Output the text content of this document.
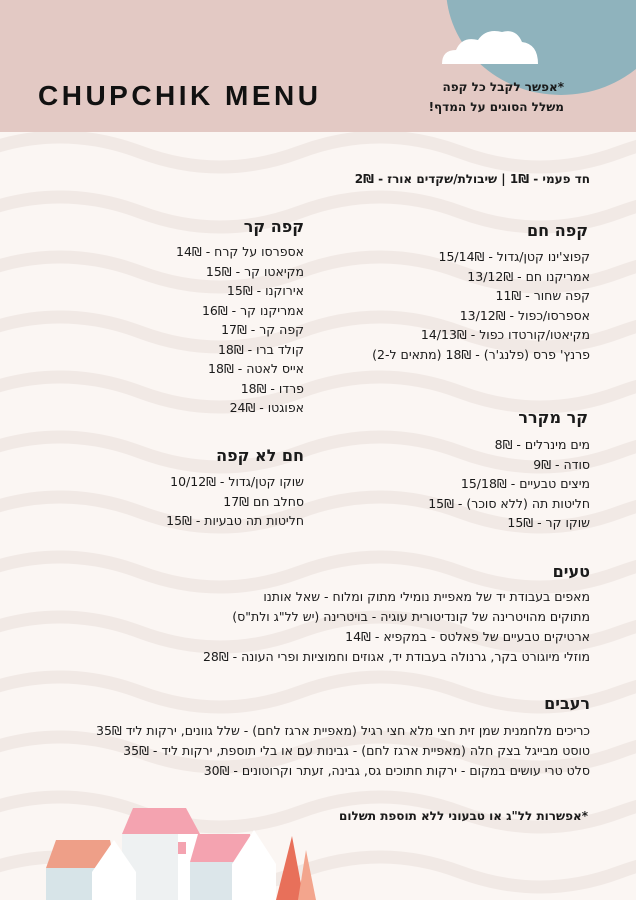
CHUPCHIK MENU	*אפשר לקבל כל קפה
משלל הסוגים על המדף!
חד פעמי - 1₪ | שיבולת/שקדים אורז - 2₪
קפה חם
קפוצ'ינו קטן/גדול - 15/14₪
אמריקנו חם - 13/12₪
קפה שחור - 11₪
אספרסו/כפול - 13/12₪
מקיאטו/קורטדו כפול - 14/13₪
פרנץ' פרס (פלנג'ר) - 18₪ (מתאים ל-2)
קפה קר
אספרסו על קרח - 14₪
מקיאטו קר - 15₪
אירוקנו - 15₪
אמריקנו קר - 16₪
קפה קר - 17₪
קולד ברו - 18₪
אייס לאטה - 18₪
פרדו - 18₪
אפוגטו - 24₪
קר מקרר
מים מינרלים - 8₪
סודה - 9₪
מיצים טבעיים - 15/18₪
חליטות תה (ללא סוכר) - 15₪
שוקו קר - 15₪
חם לא קפה
שוקו קטן/גדול - 10/12₪
סחלב חם 17₪
חליטות תה טבעיות - 15₪
טעים
מאפים בעבודת יד של מאפיית נומילי מתוק ומלוח - שאל אותנו
מתוקים מהויטרינה של קונדיטורית עוגיה - בויטרינה (יש לל"ג ולת"ס)
ארטיקים טבעיים של פאלטס - במקפיא - 14₪
מוזלי מיוגורט בקר, גרנולה בעבודת יד, אגוזים וחמוציות ופרי העונה - 28₪
רעבים
כריכים מלחמנית שמן זית חצי מלא חצי רגיל (מאפיית ארגז לחם) - שלל גוונים, ירקות ליד 35₪
טוסט מבייגל בצק חלה (מאפיית ארגז לחם) - גבינות עם או בלי תוספת, ירקות ליד - 35₪
סלט טרי עושים במקום - ירקות חתוכים גס, גבינה, זעתר וקרוטונים - 30₪
*אפשרות לל"ג או טבעוני ללא תוספת תשלום
